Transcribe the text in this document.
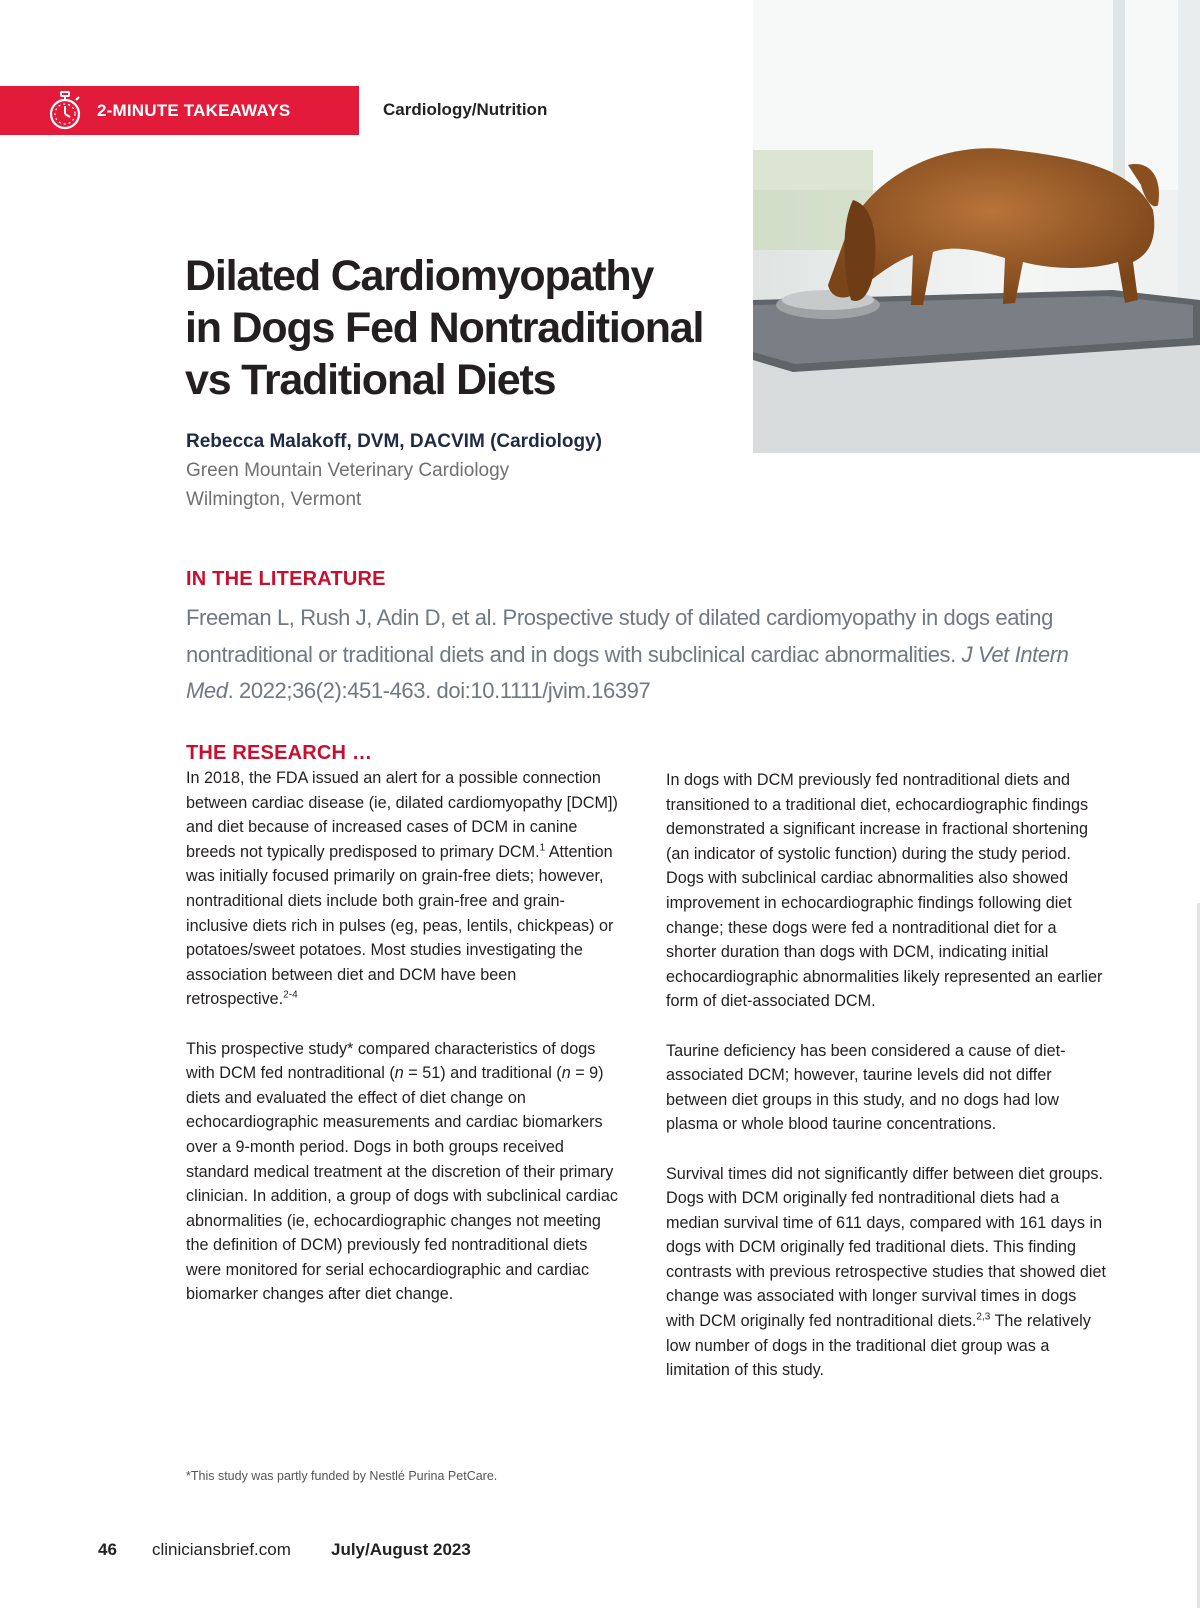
2-MINUTE TAKEAWAYS	Cardiology/Nutrition
Dilated Cardiomyopathy
in Dogs Fed Nontraditional
vs Traditional Diets
Rebecca Malakoff, DVM, DACVIM (Cardiology)
Green Mountain Veterinary Cardiology
Wilmington, Vermont
IN THE LITERATURE

Freeman L, Rush J, Adin D, et al. Prospective study of dilated cardiomyopathy in dogs eating nontraditional or traditional diets and in dogs with subclinical cardiac abnormalities. J Vet Intern Med. 2022;36(2):451-463. doi:10.1111/jvim.16397

THE RESEARCH …

In 2018, the FDA issued an alert for a possible connection between cardiac disease (ie, dilated cardiomyopathy [DCM]) and diet because of increased cases of DCM in canine breeds not typically predisposed to primary DCM.$^1$ Attention was initially focused primarily on grain-free diets; however, nontraditional diets include both grain-free and grain-inclusive diets rich in pulses (eg, peas, lentils, chickpeas) or potatoes/sweet potatoes. Most studies investigating the association between diet and DCM have been retrospective.$^{2-4}$

This prospective study* compared characteristics of dogs with DCM fed nontraditional (n = 51) and traditional (n = 9) diets and evaluated the effect of diet change on echocardiographic measurements and cardiac biomarkers over a 9-month period. Dogs in both groups received standard medical treatment at the discretion of their primary clinician. In addition, a group of dogs with subclinical cardiac abnormalities (ie, echocardiographic changes not meeting the definition of DCM) previously fed nontraditional diets were monitored for serial echocardiographic and cardiac biomarker changes after diet change.

In dogs with DCM previously fed nontraditional diets and transitioned to a traditional diet, echocardiographic findings demonstrated a significant increase in fractional shortening (an indicator of systolic function) during the study period. Dogs with subclinical cardiac abnormalities also showed improvement in echocardiographic findings following diet change; these dogs were fed a nontraditional diet for a shorter duration than dogs with DCM, indicating initial echocardiographic abnormalities likely represented an earlier form of diet-associated DCM.

Taurine deficiency has been considered a cause of diet-associated DCM; however, taurine levels did not differ between diet groups in this study, and no dogs had low plasma or whole blood taurine concentrations.

Survival times did not significantly differ between diet groups. Dogs with DCM originally fed nontraditional diets had a median survival time of 611 days, compared with 161 days in dogs with DCM originally fed traditional diets. This finding contrasts with previous retrospective studies that showed diet change was associated with longer survival times in dogs with DCM originally fed nontraditional diets.$^{2,3}$ The relatively low number of dogs in the traditional diet group was a limitation of this study.

*This study was partly funded by Nestlé Purina PetCare.
46 cliniciansbrief.com July/August 2023
